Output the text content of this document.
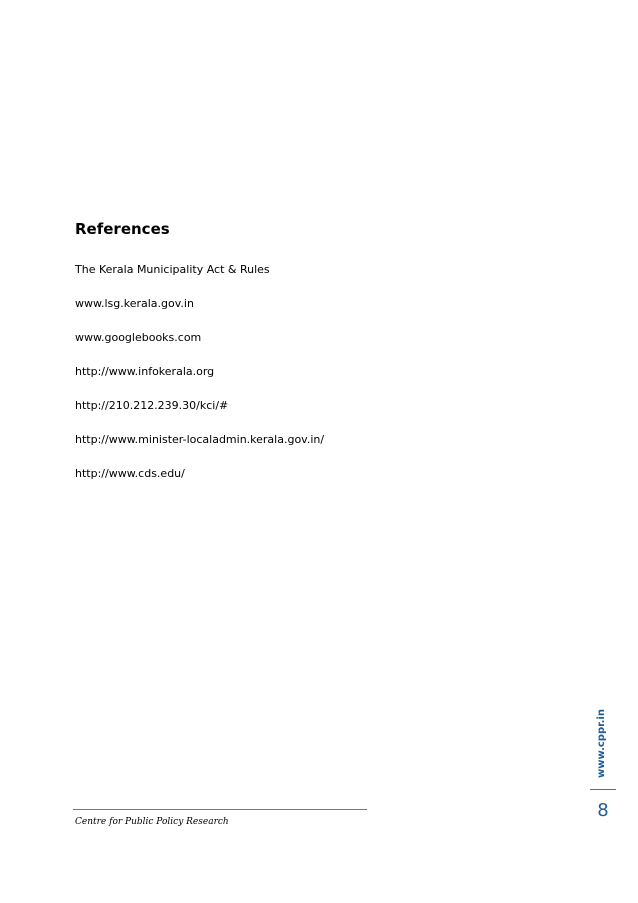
References
The Kerala Municipality Act & Rules
www.lsg.kerala.gov.in
www.googlebooks.com
http://www.infokerala.org
http://210.212.239.30/kci/#
http://www.minister-localadmin.kerala.gov.in/
http://www.cds.edu/
Centre for Public Policy Research
www.cppr.in
8
